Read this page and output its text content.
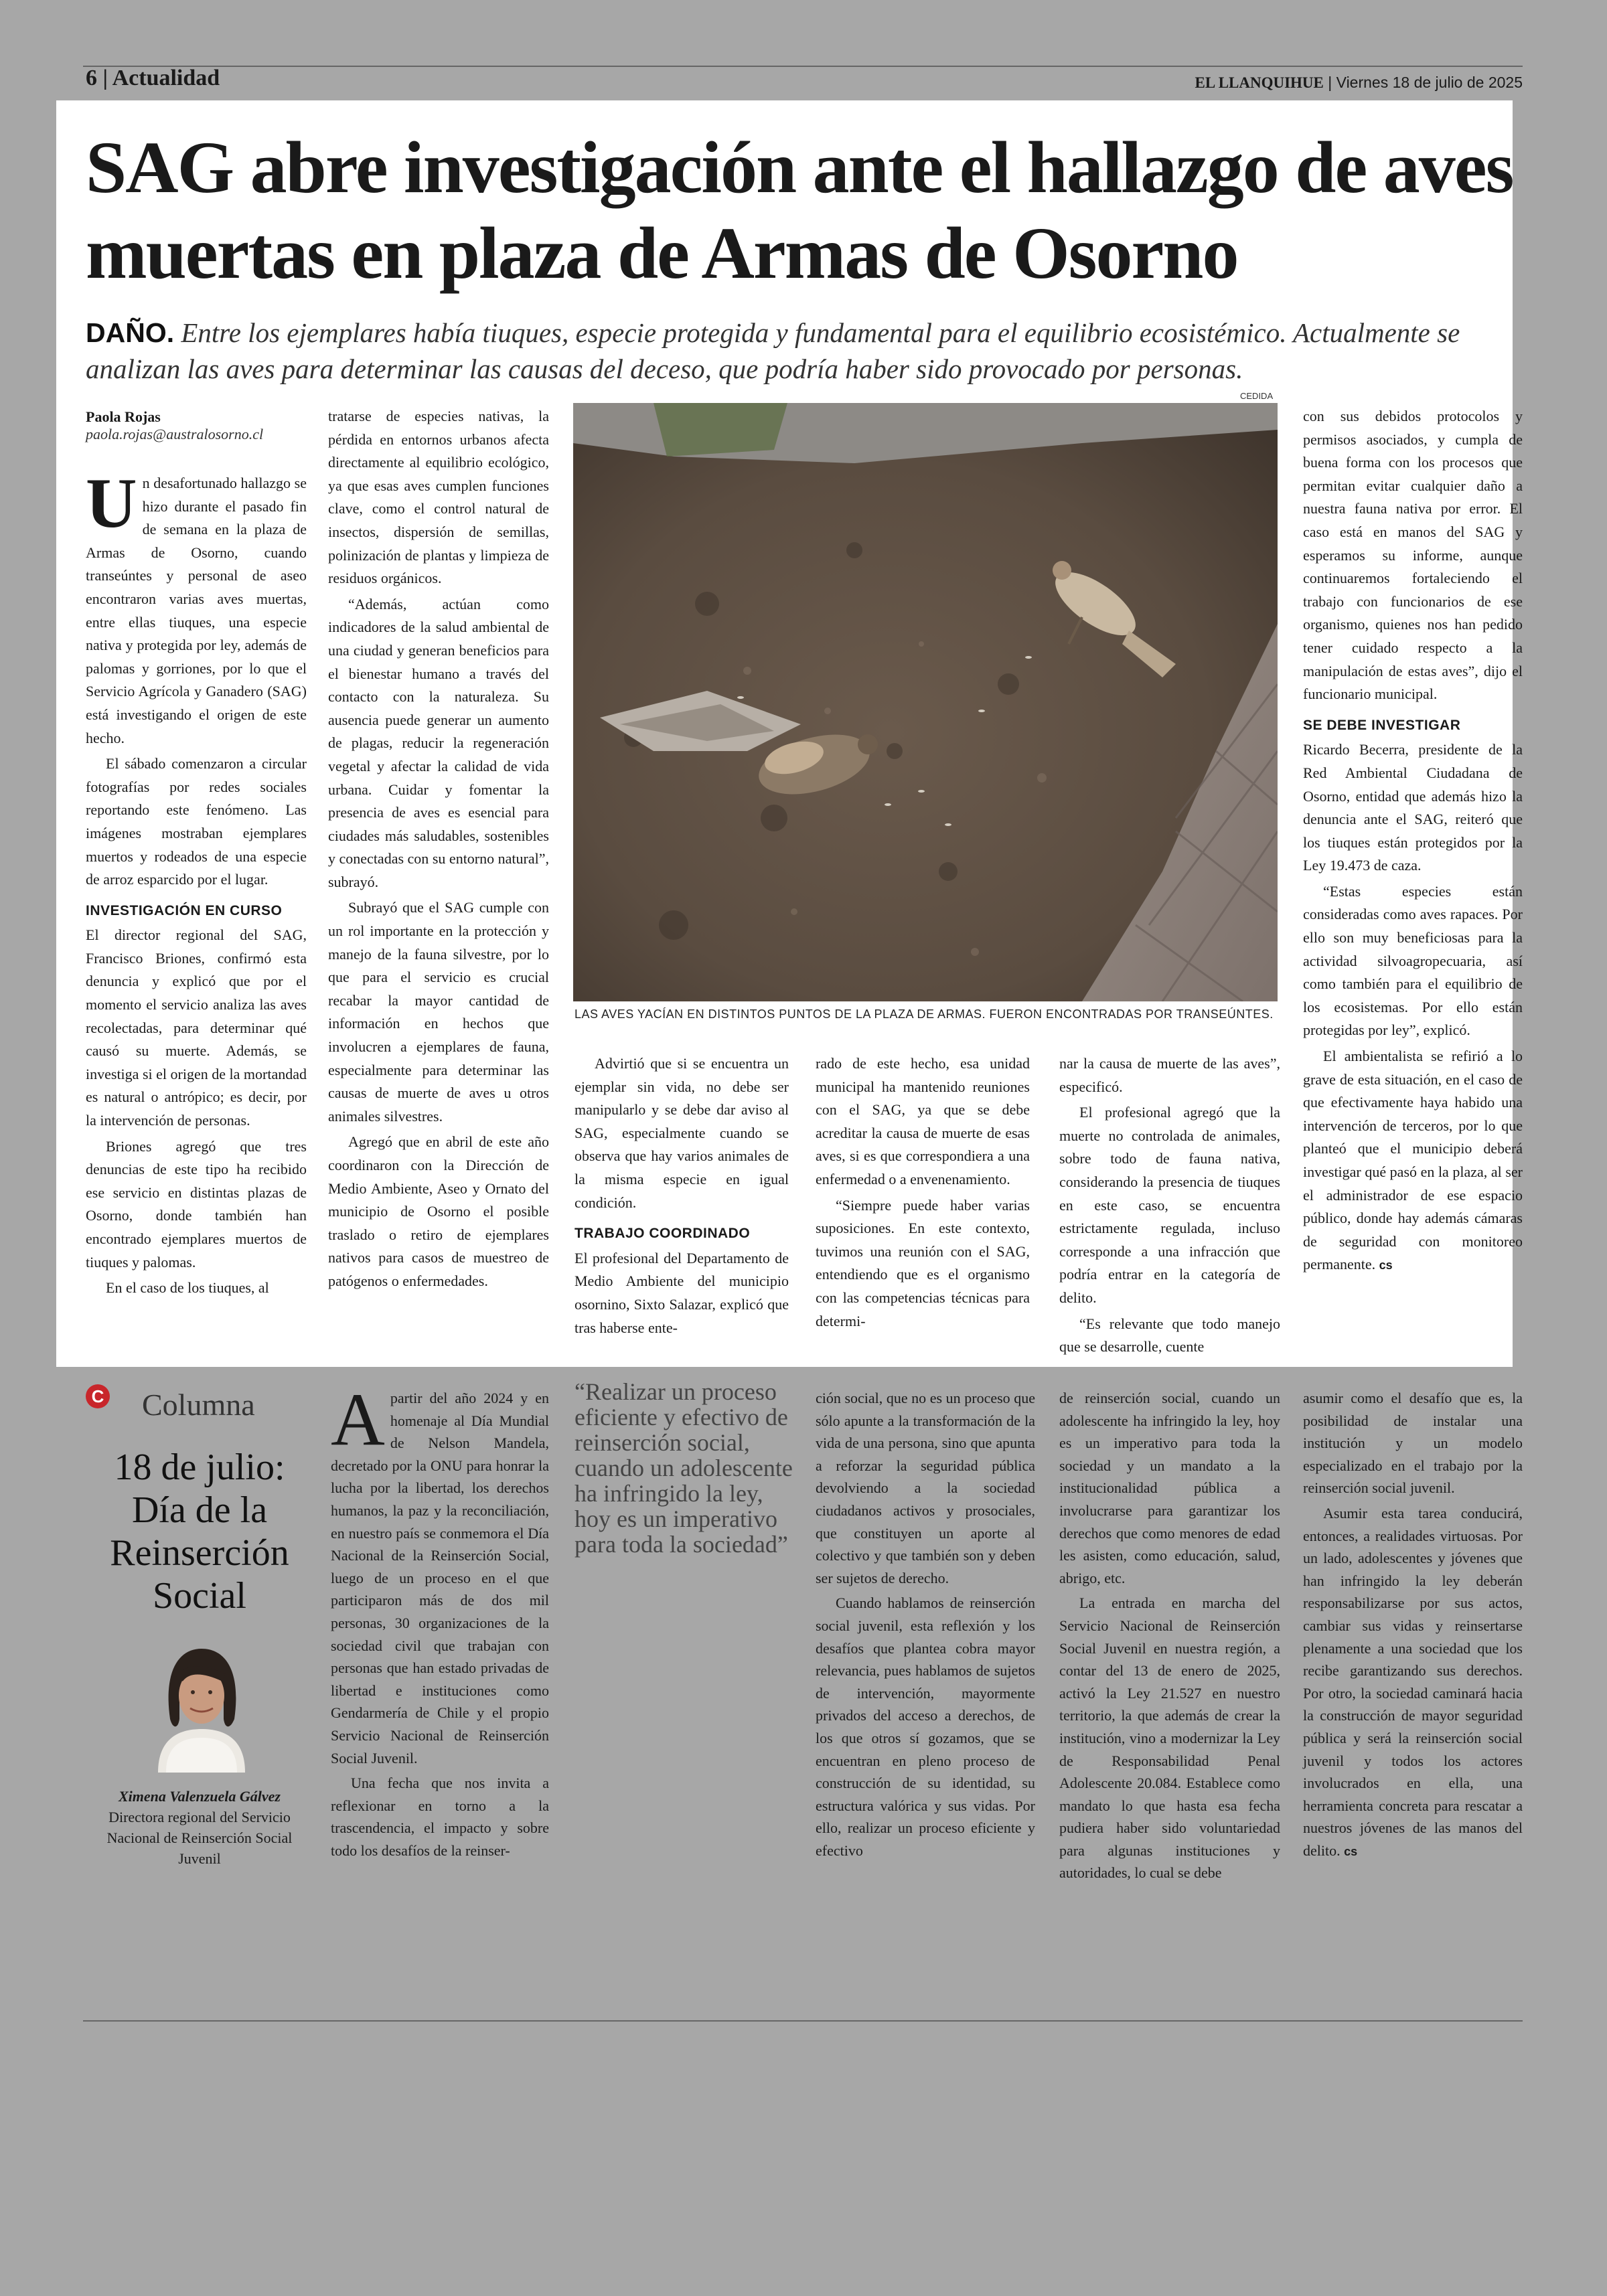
6 | Actualidad	EL LLANQUIHUE | Viernes 18 de julio de 2025
SAG abre investigación ante el hallazgo de aves muertas en plaza de Armas de Osorno
DAÑO. Entre los ejemplares había tiuques, especie protegida y fundamental para el equilibrio ecosistémico. Actualmente se analizan las aves para determinar las causas del deceso, que podría haber sido provocado por personas.
CEDIDA
Paola Rojas
paola.rojas@australosorno.cl

Un desafortunado hallazgo se hizo durante el pasado fin de semana en la plaza de Armas de Osorno, cuando transeúntes y personal de aseo encontraron varias aves muertas, entre ellas tiuques, una especie nativa y protegida por ley, además de palomas y gorriones, por lo que el Servicio Agrícola y Ganadero (SAG) está investigando el origen de este hecho.

El sábado comenzaron a circular fotografías por redes sociales reportando este fenómeno. Las imágenes mostraban ejemplares muertos y rodeados de una especie de arroz esparcido por el lugar.

INVESTIGACIÓN EN CURSO

El director regional del SAG, Francisco Briones, confirmó esta denuncia y explicó que por el momento el servicio analiza las aves recolectadas, para determinar qué causó su muerte. Además, se investiga si el origen de la mortandad es natural o antrópico; es decir, por la intervención de personas.

Briones agregó que tres denuncias de este tipo ha recibido ese servicio en distintas plazas de Osorno, donde también han encontrado ejemplares muertos de tiuques y palomas.

En el caso de los tiuques, al

tratarse de especies nativas, la pérdida en entornos urbanos afecta directamente al equilibrio ecológico, ya que esas aves cumplen funciones clave, como el control natural de insectos, dispersión de semillas, polinización de plantas y limpieza de residuos orgánicos.

“Además, actúan como indicadores de la salud ambiental de una ciudad y generan beneficios para el bienestar humano a través del contacto con la naturaleza. Su ausencia puede generar un aumento de plagas, reducir la regeneración vegetal y afectar la calidad de vida urbana. Cuidar y fomentar la presencia de aves es esencial para ciudades más saludables, sostenibles y conectadas con su entorno natural”, subrayó.

Subrayó que el SAG cumple con un rol importante en la protección y manejo de la fauna silvestre, por lo que para el servicio es crucial recabar la mayor cantidad de información en hechos que involucren a ejemplares de fauna, especialmente para determinar las causas de muerte de aves u otros animales silvestres.

Agregó que en abril de este año coordinaron con la Dirección de Medio Ambiente, Aseo y Ornato del municipio de Osorno el posible traslado o retiro de ejemplares nativos para casos de muestreo de patógenos o enfermedades.

LAS AVES YACÍAN EN DISTINTOS PUNTOS DE LA PLAZA DE ARMAS. FUERON ENCONTRADAS POR TRANSEÚNTES.

Advirtió que si se encuentra un ejemplar sin vida, no debe ser manipularlo y se debe dar aviso al SAG, especialmente cuando se observa que hay varios animales de la misma especie en igual condición.

TRABAJO COORDINADO

El profesional del Departamento de Medio Ambiente del municipio osornino, Sixto Salazar, explicó que tras haberse ente-

rado de este hecho, esa unidad municipal ha mantenido reuniones con el SAG, ya que se debe acreditar la causa de muerte de esas aves, si es que correspondiera a una enfermedad o a envenenamiento.

“Siempre puede haber varias suposiciones. En este contexto, tuvimos una reunión con el SAG, entendiendo que es el organismo con las competencias técnicas para determi-

nar la causa de muerte de las aves”, especificó.

El profesional agregó que la muerte no controlada de animales, sobre todo de fauna nativa, considerando la presencia de tiuques en este caso, se encuentra estrictamente regulada, incluso corresponde a una infracción que podría entrar en la categoría de delito.

“Es relevante que todo manejo que se desarrolle, cuente

con sus debidos protocolos y permisos asociados, y cumpla de buena forma con los procesos que permitan evitar cualquier daño a nuestra fauna nativa por error. El caso está en manos del SAG y esperamos su informe, aunque continuaremos fortaleciendo el trabajo con funcionarios de ese organismo, quienes nos han pedido tener cuidado respecto a la manipulación de estas aves”, dijo el funcionario municipal.

SE DEBE INVESTIGAR

Ricardo Becerra, presidente de la Red Ambiental Ciudadana de Osorno, entidad que además hizo la denuncia ante el SAG, reiteró que los tiuques están protegidos por la Ley 19.473 de caza.

“Estas especies están consideradas como aves rapaces. Por ello son muy beneficiosas para la actividad silvoagropecuaria, así como también para el equilibrio de los ecosistemas. Por ello están protegidas por ley”, explicó.

El ambientalista se refirió a lo grave de esta situación, en el caso de que efectivamente haya habido una intervención de terceros, por lo que planteó que el municipio deberá investigar qué pasó en la plaza, al ser el administrador de ese espacio público, donde hay además cámaras de seguridad con monitoreo permanente. cs

C Columna
18 de julio: Día de la Reinserción Social
Ximena Valenzuela Gálvez
Directora regional del Servicio Nacional de Reinserción Social Juvenil

Apartir del año 2024 y en homenaje al Día Mundial de Nelson Mandela, decretado por la ONU para honrar la lucha por la libertad, los derechos humanos, la paz y la reconciliación, en nuestro país se conmemora el Día Nacional de la Reinserción Social, luego de un proceso en el que participaron más de dos mil personas, 30 organizaciones de la sociedad civil que trabajan con personas que han estado privadas de libertad e instituciones como Gendarmería de Chile y el propio Servicio Nacional de Reinserción Social Juvenil.

Una fecha que nos invita a reflexionar en torno a la trascendencia, el impacto y sobre todo los desafíos de la reinser-

“Realizar un proceso eficiente y efectivo de reinserción social, cuando un adolescente ha infringido la ley, hoy es un imperativo para toda la sociedad”

ción social, que no es un proceso que sólo apunte a la transformación de la vida de una persona, sino que apunta a reforzar la seguridad pública devolviendo a la sociedad ciudadanos activos y prosociales, que constituyen un aporte al colectivo y que también son y deben ser sujetos de derecho.

Cuando hablamos de reinserción social juvenil, esta reflexión y los desafíos que plantea cobra mayor relevancia, pues hablamos de sujetos de intervención, mayormente privados del acceso a derechos, de los que otros sí gozamos, que se encuentran en pleno proceso de construcción de su identidad, su estructura valórica y sus vidas. Por ello, realizar un proceso eficiente y efectivo

de reinserción social, cuando un adolescente ha infringido la ley, hoy es un imperativo para toda la sociedad y un mandato a la institucionalidad pública a involucrarse para garantizar los derechos que como menores de edad les asisten, como educación, salud, abrigo, etc.

La entrada en marcha del Servicio Nacional de Reinserción Social Juvenil en nuestra región, a contar del 13 de enero de 2025, activó la Ley 21.527 en nuestro territorio, la que además de crear la institución, vino a modernizar la Ley de Responsabilidad Penal Adolescente 20.084. Establece como mandato lo que hasta esa fecha pudiera haber sido voluntariedad para algunas instituciones y autoridades, lo cual se debe

asumir como el desafío que es, la posibilidad de instalar una institución y un modelo especializado en el trabajo por la reinserción social juvenil.

Asumir esta tarea conducirá, entonces, a realidades virtuosas. Por un lado, adolescentes y jóvenes que han infringido la ley deberán responsabilizarse por sus actos, cambiar sus vidas y reinsertarse plenamente a una sociedad que los recibe garantizando sus derechos. Por otro, la sociedad caminará hacia la construcción de mayor seguridad pública y será la reinserción social juvenil y todos los actores involucrados en ella, una herramienta concreta para rescatar a nuestros jóvenes de las manos del delito. cs
